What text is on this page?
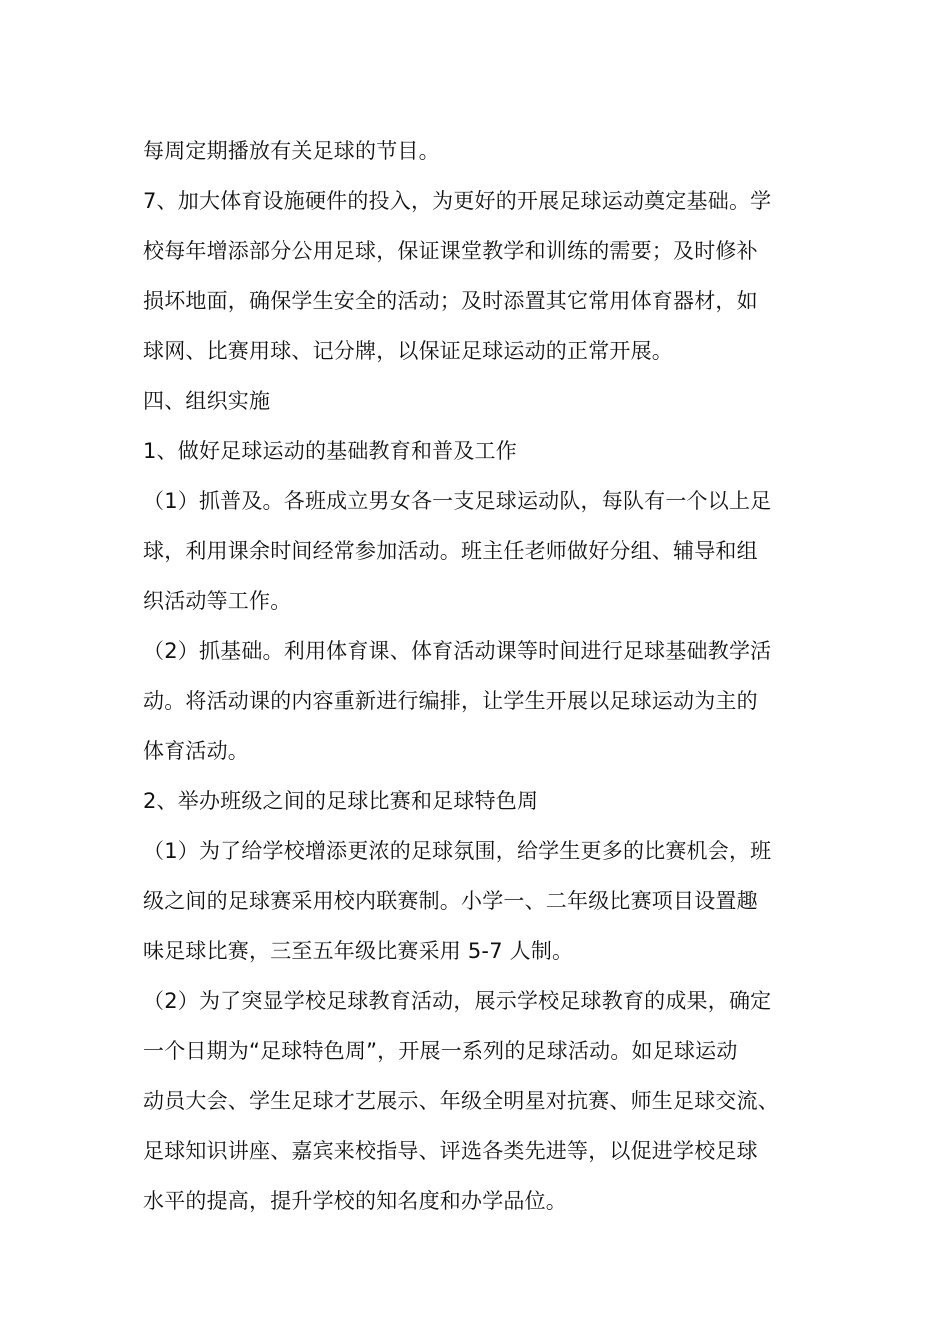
每周定期播放有关足球的节目。
7、加大体育设施硬件的投入，为更好的开展足球运动奠定基础。学
校每年增添部分公用足球，保证课堂教学和训练的需要；及时修补
损坏地面，确保学生安全的活动；及时添置其它常用体育器材，如
球网、比赛用球、记分牌，以保证足球运动的正常开展。
四、组织实施
1、做好足球运动的基础教育和普及工作
（1）抓普及。各班成立男女各一支足球运动队，每队有一个以上足
球，利用课余时间经常参加活动。班主任老师做好分组、辅导和组
织活动等工作。
（2）抓基础。利用体育课、体育活动课等时间进行足球基础教学活
动。将活动课的内容重新进行编排，让学生开展以足球运动为主的
体育活动。
2、举办班级之间的足球比赛和足球特色周
（1）为了给学校增添更浓的足球氛围，给学生更多的比赛机会，班
级之间的足球赛采用校内联赛制。小学一、二年级比赛项目设置趣
味足球比赛，三至五年级比赛采用 5-7 人制。
（2）为了突显学校足球教育活动，展示学校足球教育的成果，确定
一个日期为“足球特色周”，开展一系列的足球活动。如足球运动
动员大会、学生足球才艺展示、年级全明星对抗赛、师生足球交流、
足球知识讲座、嘉宾来校指导、评选各类先进等，以促进学校足球
水平的提高，提升学校的知名度和办学品位。
